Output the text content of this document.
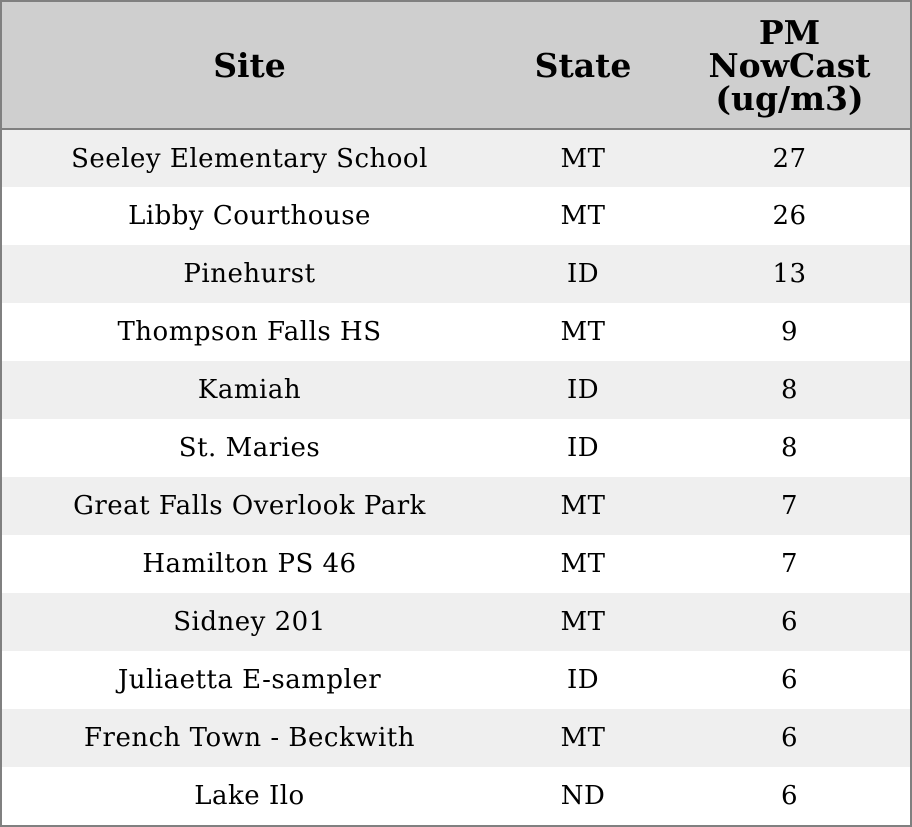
Site	State	PM
NowCast
(ug/m3)

Seeley Elementary School	MT	27
Libby Courthouse	MT	26
Pinehurst	ID	13
Thompson Falls HS	MT	9
Kamiah	ID	8
St. Maries	ID	8
Great Falls Overlook Park	MT	7
Hamilton PS 46	MT	7
Sidney 201	MT	6
Juliaetta E-sampler	ID	6
French Town - Beckwith	MT	6
Lake Ilo	ND	6
